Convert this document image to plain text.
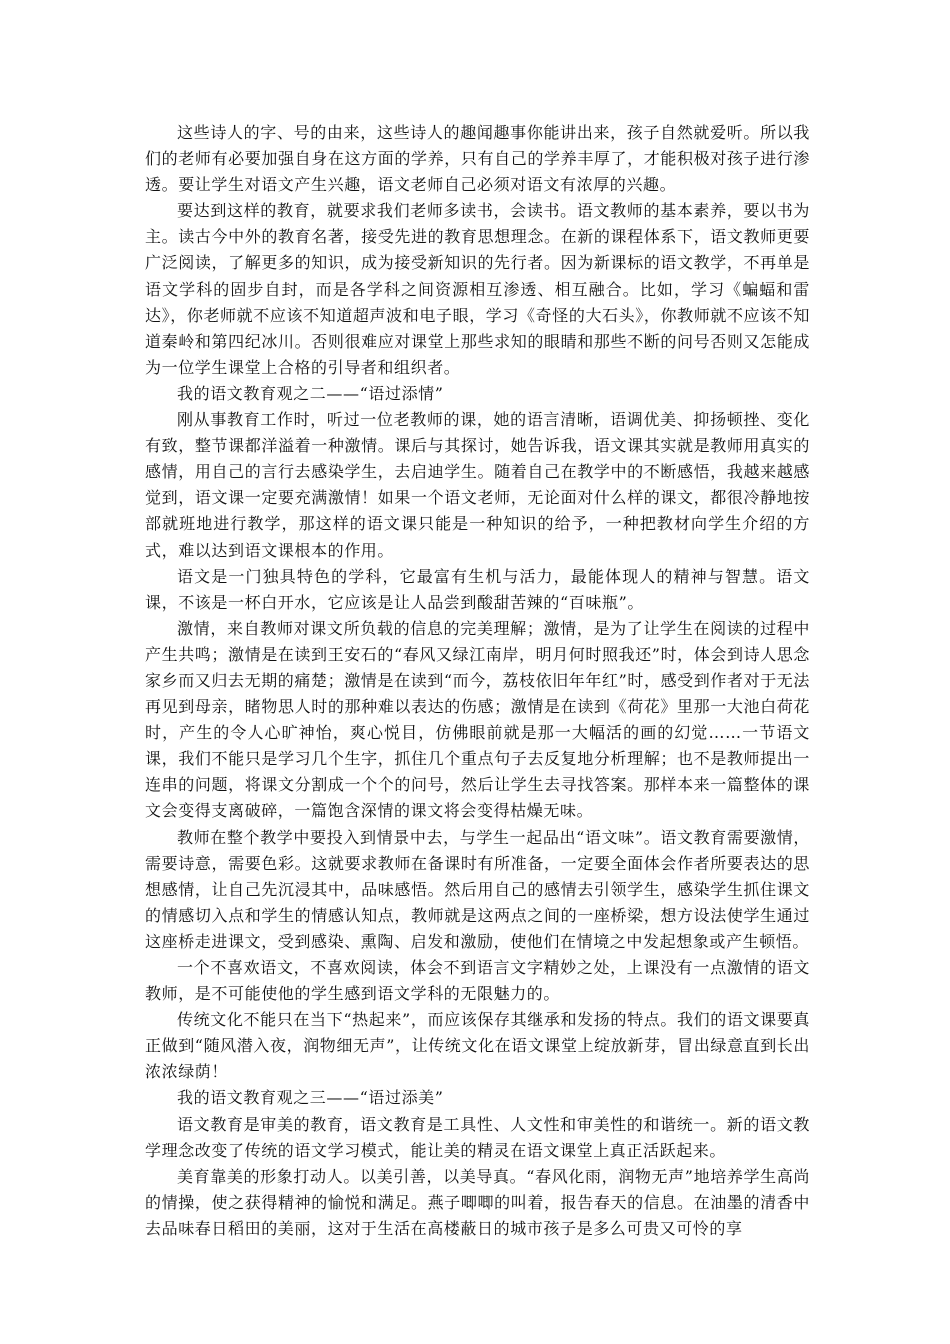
这些诗人的字、号的由来，这些诗人的趣闻趣事你能讲出来，孩子自然就爱听。所以我们的老师有必要加强自身在这方面的学养，只有自己的学养丰厚了，才能积极对孩子进行渗透。要让学生对语文产生兴趣，语文老师自己必须对语文有浓厚的兴趣。

要达到这样的教育，就要求我们老师多读书，会读书。语文教师的基本素养，要以书为主。读古今中外的教育名著，接受先进的教育思想理念。在新的课程体系下，语文教师更要广泛阅读，了解更多的知识，成为接受新知识的先行者。因为新课标的语文教学，不再单是语文学科的固步自封，而是各学科之间资源相互渗透、相互融合。比如，学习《蝙蝠和雷达》，你老师就不应该不知道超声波和电子眼，学习《奇怪的大石头》，你教师就不应该不知道秦岭和第四纪冰川。否则很难应对课堂上那些求知的眼睛和那些不断的问号否则又怎能成为一位学生课堂上合格的引导者和组织者。

我的语文教育观之二——“语过添情”

刚从事教育工作时，听过一位老教师的课，她的语言清晰，语调优美、抑扬顿挫、变化有致，整节课都洋溢着一种激情。课后与其探讨，她告诉我，语文课其实就是教师用真实的感情，用自己的言行去感染学生，去启迪学生。随着自己在教学中的不断感悟，我越来越感觉到，语文课一定要充满激情！如果一个语文老师，无论面对什么样的课文，都很冷静地按部就班地进行教学，那这样的语文课只能是一种知识的给予，一种把教材向学生介绍的方式，难以达到语文课根本的作用。

语文是一门独具特色的学科，它最富有生机与活力，最能体现人的精神与智慧。语文课，不该是一杯白开水，它应该是让人品尝到酸甜苦辣的“百味瓶”。

激情，来自教师对课文所负载的信息的完美理解；激情，是为了让学生在阅读的过程中产生共鸣；激情是在读到王安石的“春风又绿江南岸，明月何时照我还”时，体会到诗人思念家乡而又归去无期的痛楚；激情是在读到“而今，荔枝依旧年年红”时，感受到作者对于无法再见到母亲，睹物思人时的那种难以表达的伤感；激情是在读到《荷花》里那一大池白荷花时，产生的令人心旷神怡，爽心悦目，仿佛眼前就是那一大幅活的画的幻觉……一节语文课，我们不能只是学习几个生字，抓住几个重点句子去反复地分析理解；也不是教师提出一连串的问题，将课文分割成一个个的问号，然后让学生去寻找答案。那样本来一篇整体的课文会变得支离破碎，一篇饱含深情的课文将会变得枯燥无味。

教师在整个教学中要投入到情景中去，与学生一起品出“语文味”。语文教育需要激情，需要诗意，需要色彩。这就要求教师在备课时有所准备，一定要全面体会作者所要表达的思想感情，让自己先沉浸其中，品味感悟。然后用自己的感情去引领学生，感染学生抓住课文的情感切入点和学生的情感认知点，教师就是这两点之间的一座桥梁，想方设法使学生通过这座桥走进课文，受到感染、熏陶、启发和激励，使他们在情境之中发起想象或产生顿悟。

一个不喜欢语文，不喜欢阅读，体会不到语言文字精妙之处，上课没有一点激情的语文教师，是不可能使他的学生感到语文学科的无限魅力的。

传统文化不能只在当下“热起来”，而应该保存其继承和发扬的特点。我们的语文课要真正做到“随风潜入夜，润物细无声”，让传统文化在语文课堂上绽放新芽，冒出绿意直到长出浓浓绿荫！

我的语文教育观之三——“语过添美”

语文教育是审美的教育，语文教育是工具性、人文性和审美性的和谐统一。新的语文教学理念改变了传统的语文学习模式，能让美的精灵在语文课堂上真正活跃起来。

美育靠美的形象打动人。以美引善，以美导真。“春风化雨，润物无声”地培养学生高尚的情操，使之获得精神的愉悦和满足。燕子唧唧的叫着，报告春天的信息。在油墨的清香中去品味春日稻田的美丽，这对于生活在高楼蔽日的城市孩子是多么可贵又可怜的享
